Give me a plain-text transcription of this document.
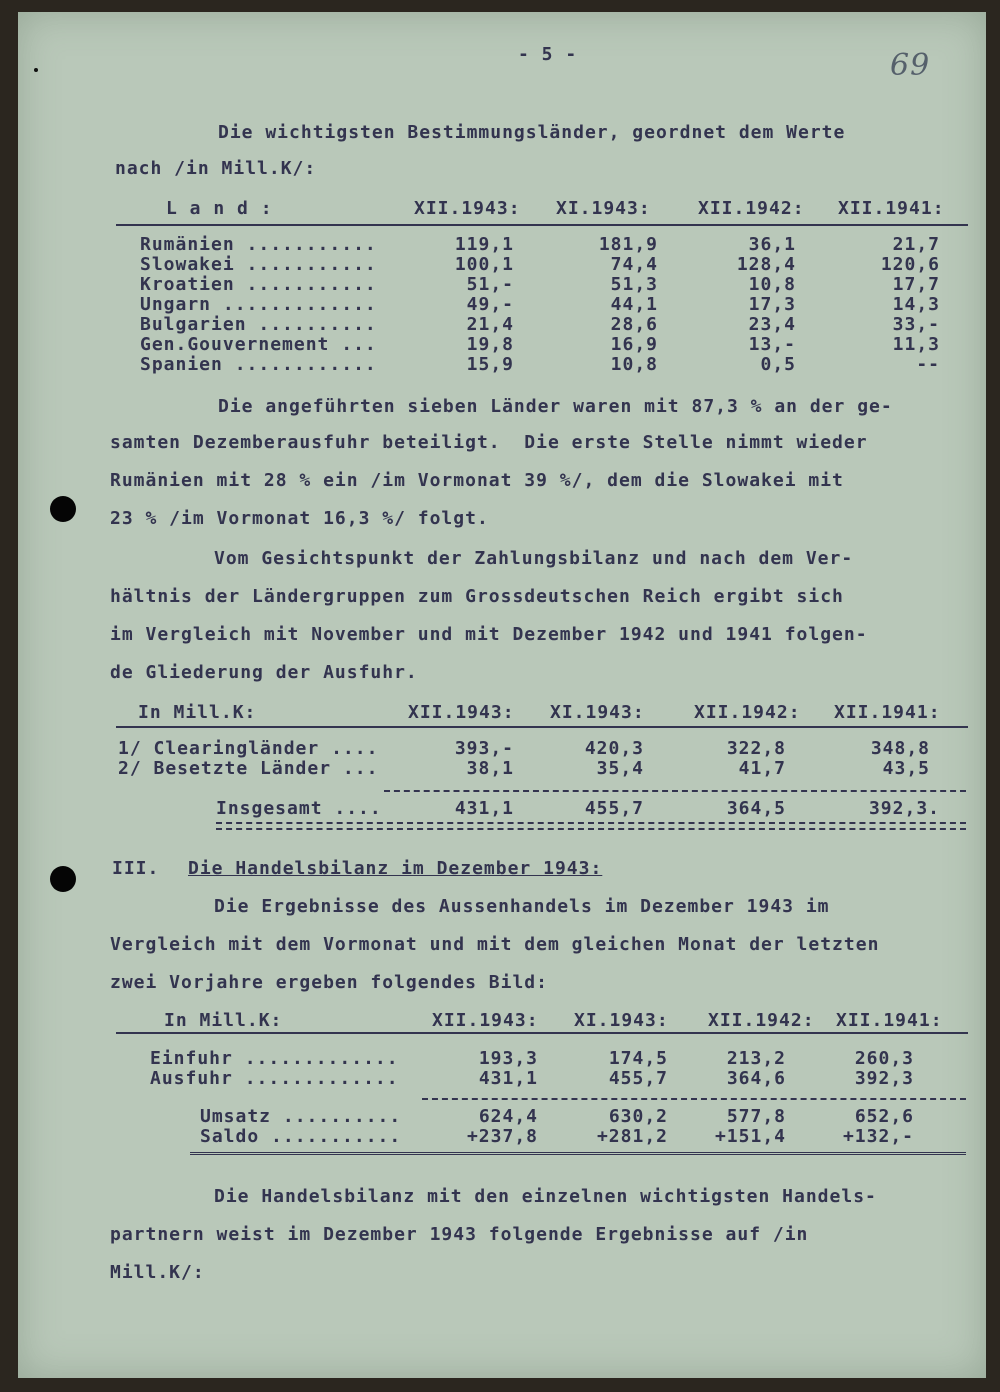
- 5 -	69
Die wichtigsten Bestimmungsländer, geordnet dem Werte
nach /in Mill.K/:
L a n d :	XII.1943: XI.1943:	XII.1942: XII.1941:
Rumänien ...........	119,1	181,9	36,1	21,7
Slowakei ...........	100,1	74,4	128,4	120,6
Kroatien ...........	51,-	51,3	10,8	17,7
Ungarn .............	49,-	44,1	17,3	14,3
Bulgarien ..........	21,4	28,6	23,4	33,-
Gen.Gouvernement ...	19,8	16,9	13,-	11,3
Spanien ............	15,9	10,8	0,5	--
Die angeführten sieben Länder waren mit 87,3 % an der ge-
samten Dezemberausfuhr beteiligt.  Die erste Stelle nimmt wieder
Rumänien mit 28 % ein /im Vormonat 39 %/, dem die Slowakei mit
23 % /im Vormonat 16,3 %/ folgt.
Vom Gesichtspunkt der Zahlungsbilanz und nach dem Ver-
hältnis der Ländergruppen zum Grossdeutschen Reich ergibt sich
im Vergleich mit November und mit Dezember 1942 und 1941 folgen-
de Gliederung der Ausfuhr.
In Mill.K:	XII.1943: XI.1943:	XII.1942: XII.1941:
1/ Clearingländer ....	393,-	420,3	322,8	348,8
2/ Besetzte Länder ...	38,1	35,4	41,7	43,5
Insgesamt ....	431,1	455,7	364,5	392,3.
III. Die Handelsbilanz im Dezember 1943:
Die Ergebnisse des Aussenhandels im Dezember 1943 im
Vergleich mit dem Vormonat und mit dem gleichen Monat der letzten
zwei Vorjahre ergeben folgendes Bild:
In Mill.K:	XII.1943: XI.1943: XII.1942: XII.1941:
Einfuhr .............	193,3	174,5	213,2	260,3
Ausfuhr .............	431,1	455,7	364,6	392,3
Umsatz ..........	624,4	630,2	577,8	652,6
Saldo ...........	+237,8	+281,2	+151,4	+132,-
Die Handelsbilanz mit den einzelnen wichtigsten Handels-
partnern weist im Dezember 1943 folgende Ergebnisse auf /in
Mill.K/:
